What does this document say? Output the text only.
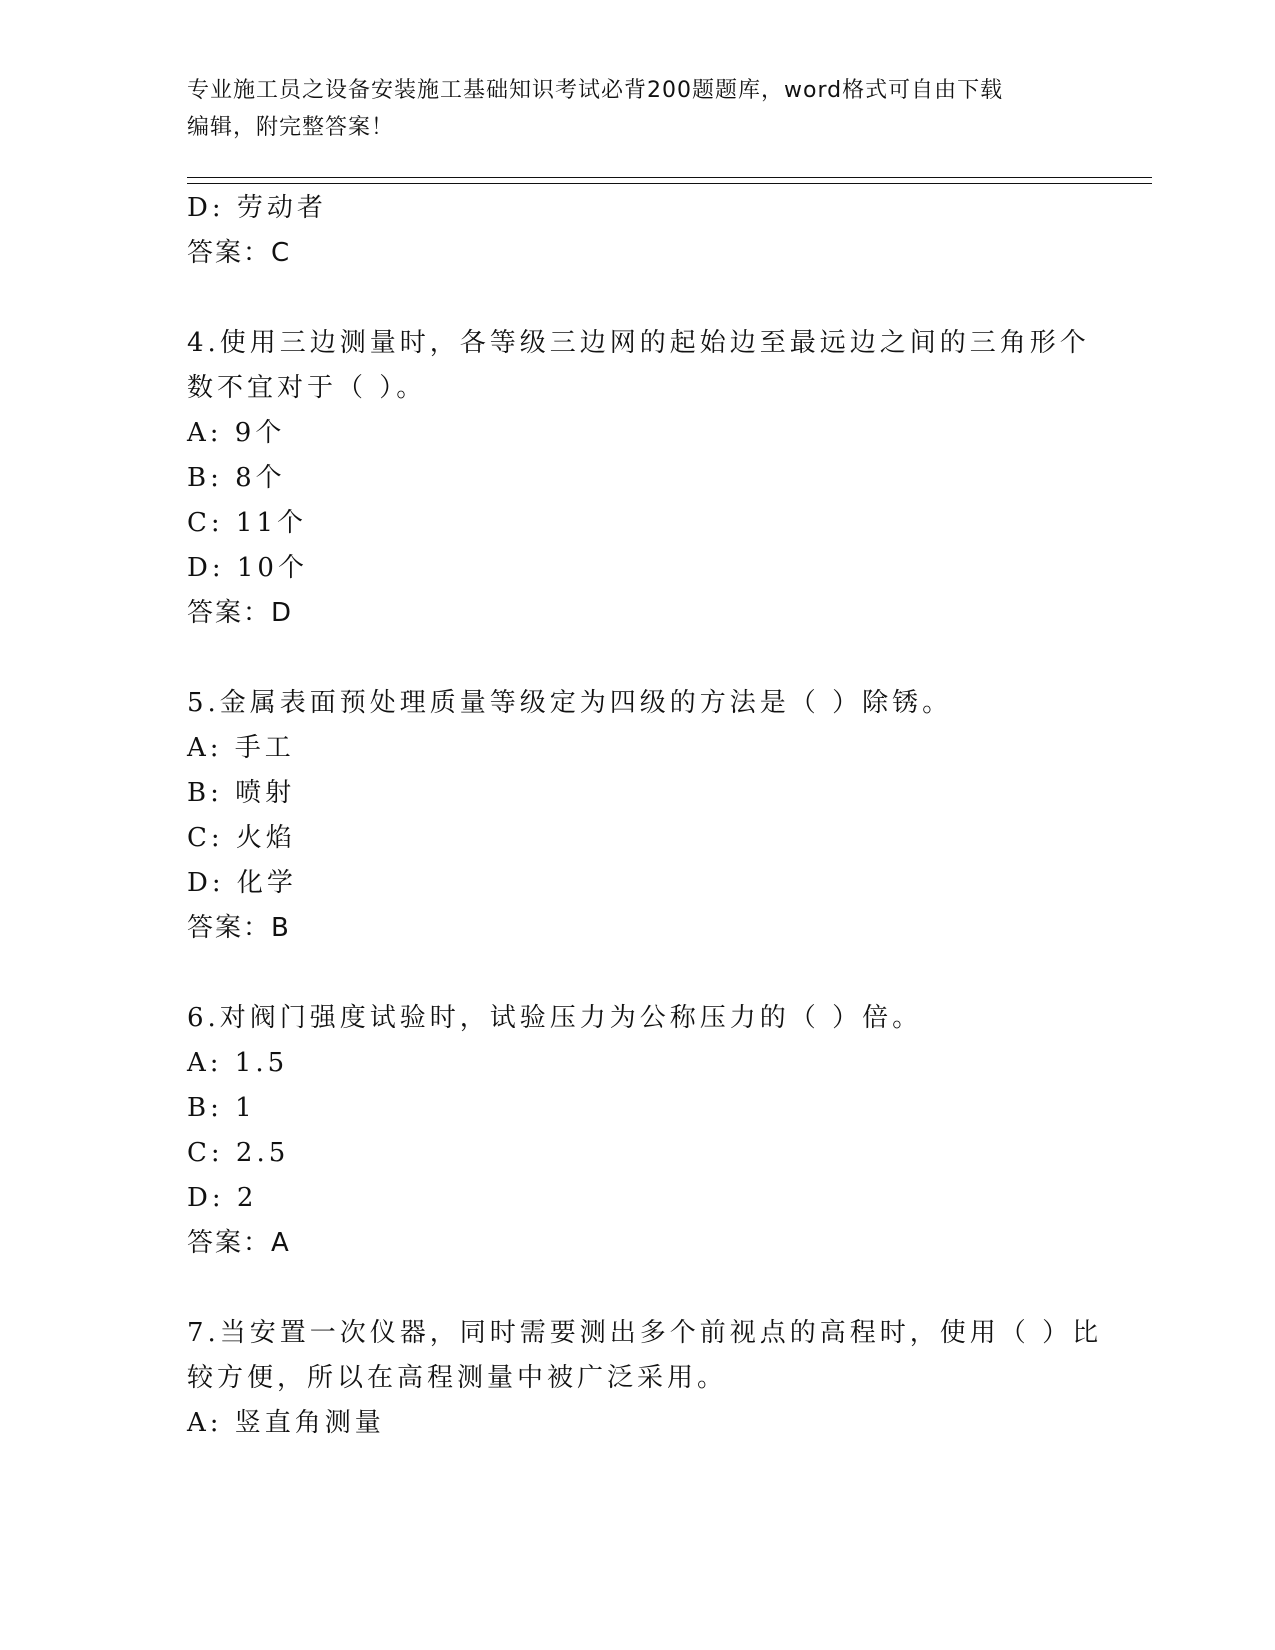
专业施工员之设备安装施工基础知识考试必背200题题库，word格式可自由下载
编辑，附完整答案！
D: 劳动者
答案：C
4.使用三边测量时，各等级三边网的起始边至最远边之间的三角形个
数不宜对于（ ）。
A: 9个
B: 8个
C: 11个
D: 10个
答案：D
5.金属表面预处理质量等级定为四级的方法是（ ）除锈。
A: 手工
B: 喷射
C: 火焰
D: 化学
答案：B
6.对阀门强度试验时，试验压力为公称压力的（ ）倍。
A: 1.5
B: 1
C: 2.5
D: 2
答案：A
7.当安置一次仪器，同时需要测出多个前视点的高程时，使用（ ）比
较方便，所以在高程测量中被广泛采用。
A: 竖直角测量
